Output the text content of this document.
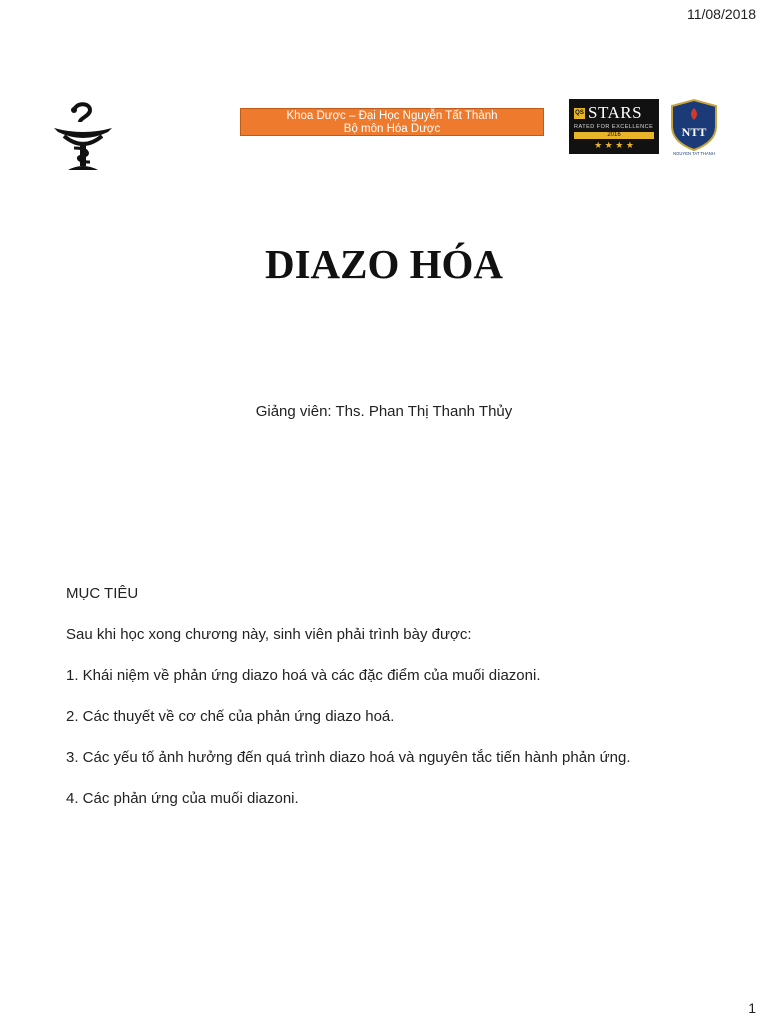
11/08/2018
Khoa Dược – Đại Học Nguyễn Tất Thành
Bộ môn Hóa Dược
QS STARS
RATED FOR EXCELLENCE
2016
★ ★ ★ ★
NTT
NGUYEN TAT THANH
DIAZO HÓA
Giảng viên: Ths. Phan Thị Thanh Thủy
MỤC TIÊU
Sau khi học xong chương này, sinh viên phải trình bày được:
1. Khái niệm về phản ứng diazo hoá và các đặc điểm của muối diazoni.
2. Các thuyết về cơ chế của phản ứng diazo hoá.
3. Các yếu tố ảnh hưởng đến quá trình diazo hoá và nguyên tắc tiến hành phản ứng.
4. Các phản ứng của muối diazoni.
1
